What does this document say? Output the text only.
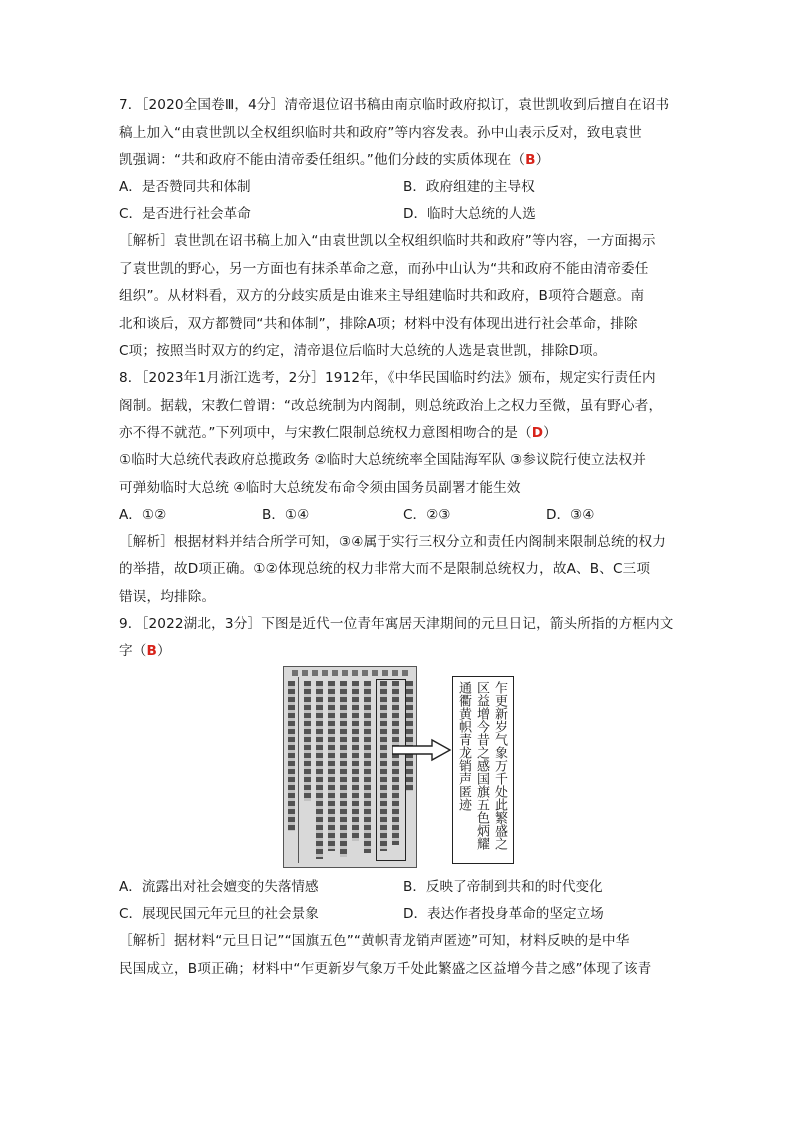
7．［2020全国卷Ⅲ，4分］清帝退位诏书稿由南京临时政府拟订，袁世凯收到后擅自在诏书
稿上加入“由袁世凯以全权组织临时共和政府”等内容发表。孙中山表示反对，致电袁世
凯强调：“共和政府不能由清帝委任组织。”他们分歧的实质体现在（B）
A．是否赞同共和体制	B．政府组建的主导权
C．是否进行社会革命	D．临时大总统的人选
［解析］袁世凯在诏书稿上加入“由袁世凯以全权组织临时共和政府”等内容，一方面揭示
了袁世凯的野心，另一方面也有抹杀革命之意，而孙中山认为“共和政府不能由清帝委任
组织”。从材料看，双方的分歧实质是由谁来主导组建临时共和政府，B项符合题意。南
北和谈后，双方都赞同“共和体制”，排除A项；材料中没有体现出进行社会革命，排除
C项；按照当时双方的约定，清帝退位后临时大总统的人选是袁世凯，排除D项。
8．［2023年1月浙江选考，2分］1912年，《中华民国临时约法》颁布，规定实行责任内
阁制。据载，宋教仁曾谓：“改总统制为内阁制，则总统政治上之权力至微，虽有野心者，
亦不得不就范。”下列项中，与宋教仁限制总统权力意图相吻合的是（D）
①临时大总统代表政府总揽政务 ②临时大总统统率全国陆海军队 ③参议院行使立法权并
可弹劾临时大总统 ④临时大总统发布命令须由国务员副署才能生效
A．①②	B．①④	C．②③	D．③④
［解析］根据材料并结合所学可知，③④属于实行三权分立和责任内阁制来限制总统的权力
的举措，故D项正确。①②体现总统的权力非常大而不是限制总统权力，故A、B、C三项
错误，均排除。
9．［2022湖北，3分］下图是近代一位青年寓居天津期间的元旦日记，箭头所指的方框内文
字（B）
乍更新岁气象万千处此繁盛之
区益增今昔之感国旗五色炳耀
通衢黄帜青龙销声匿迹
A．流露出对社会嬗变的失落情感	B．反映了帝制到共和的时代变化
C．展现民国元年元旦的社会景象	D．表达作者投身革命的坚定立场
［解析］据材料“元旦日记”“国旗五色”“黄帜青龙销声匿迹”可知，材料反映的是中华
民国成立，B项正确；材料中“乍更新岁气象万千处此繁盛之区益增今昔之感”体现了该青
